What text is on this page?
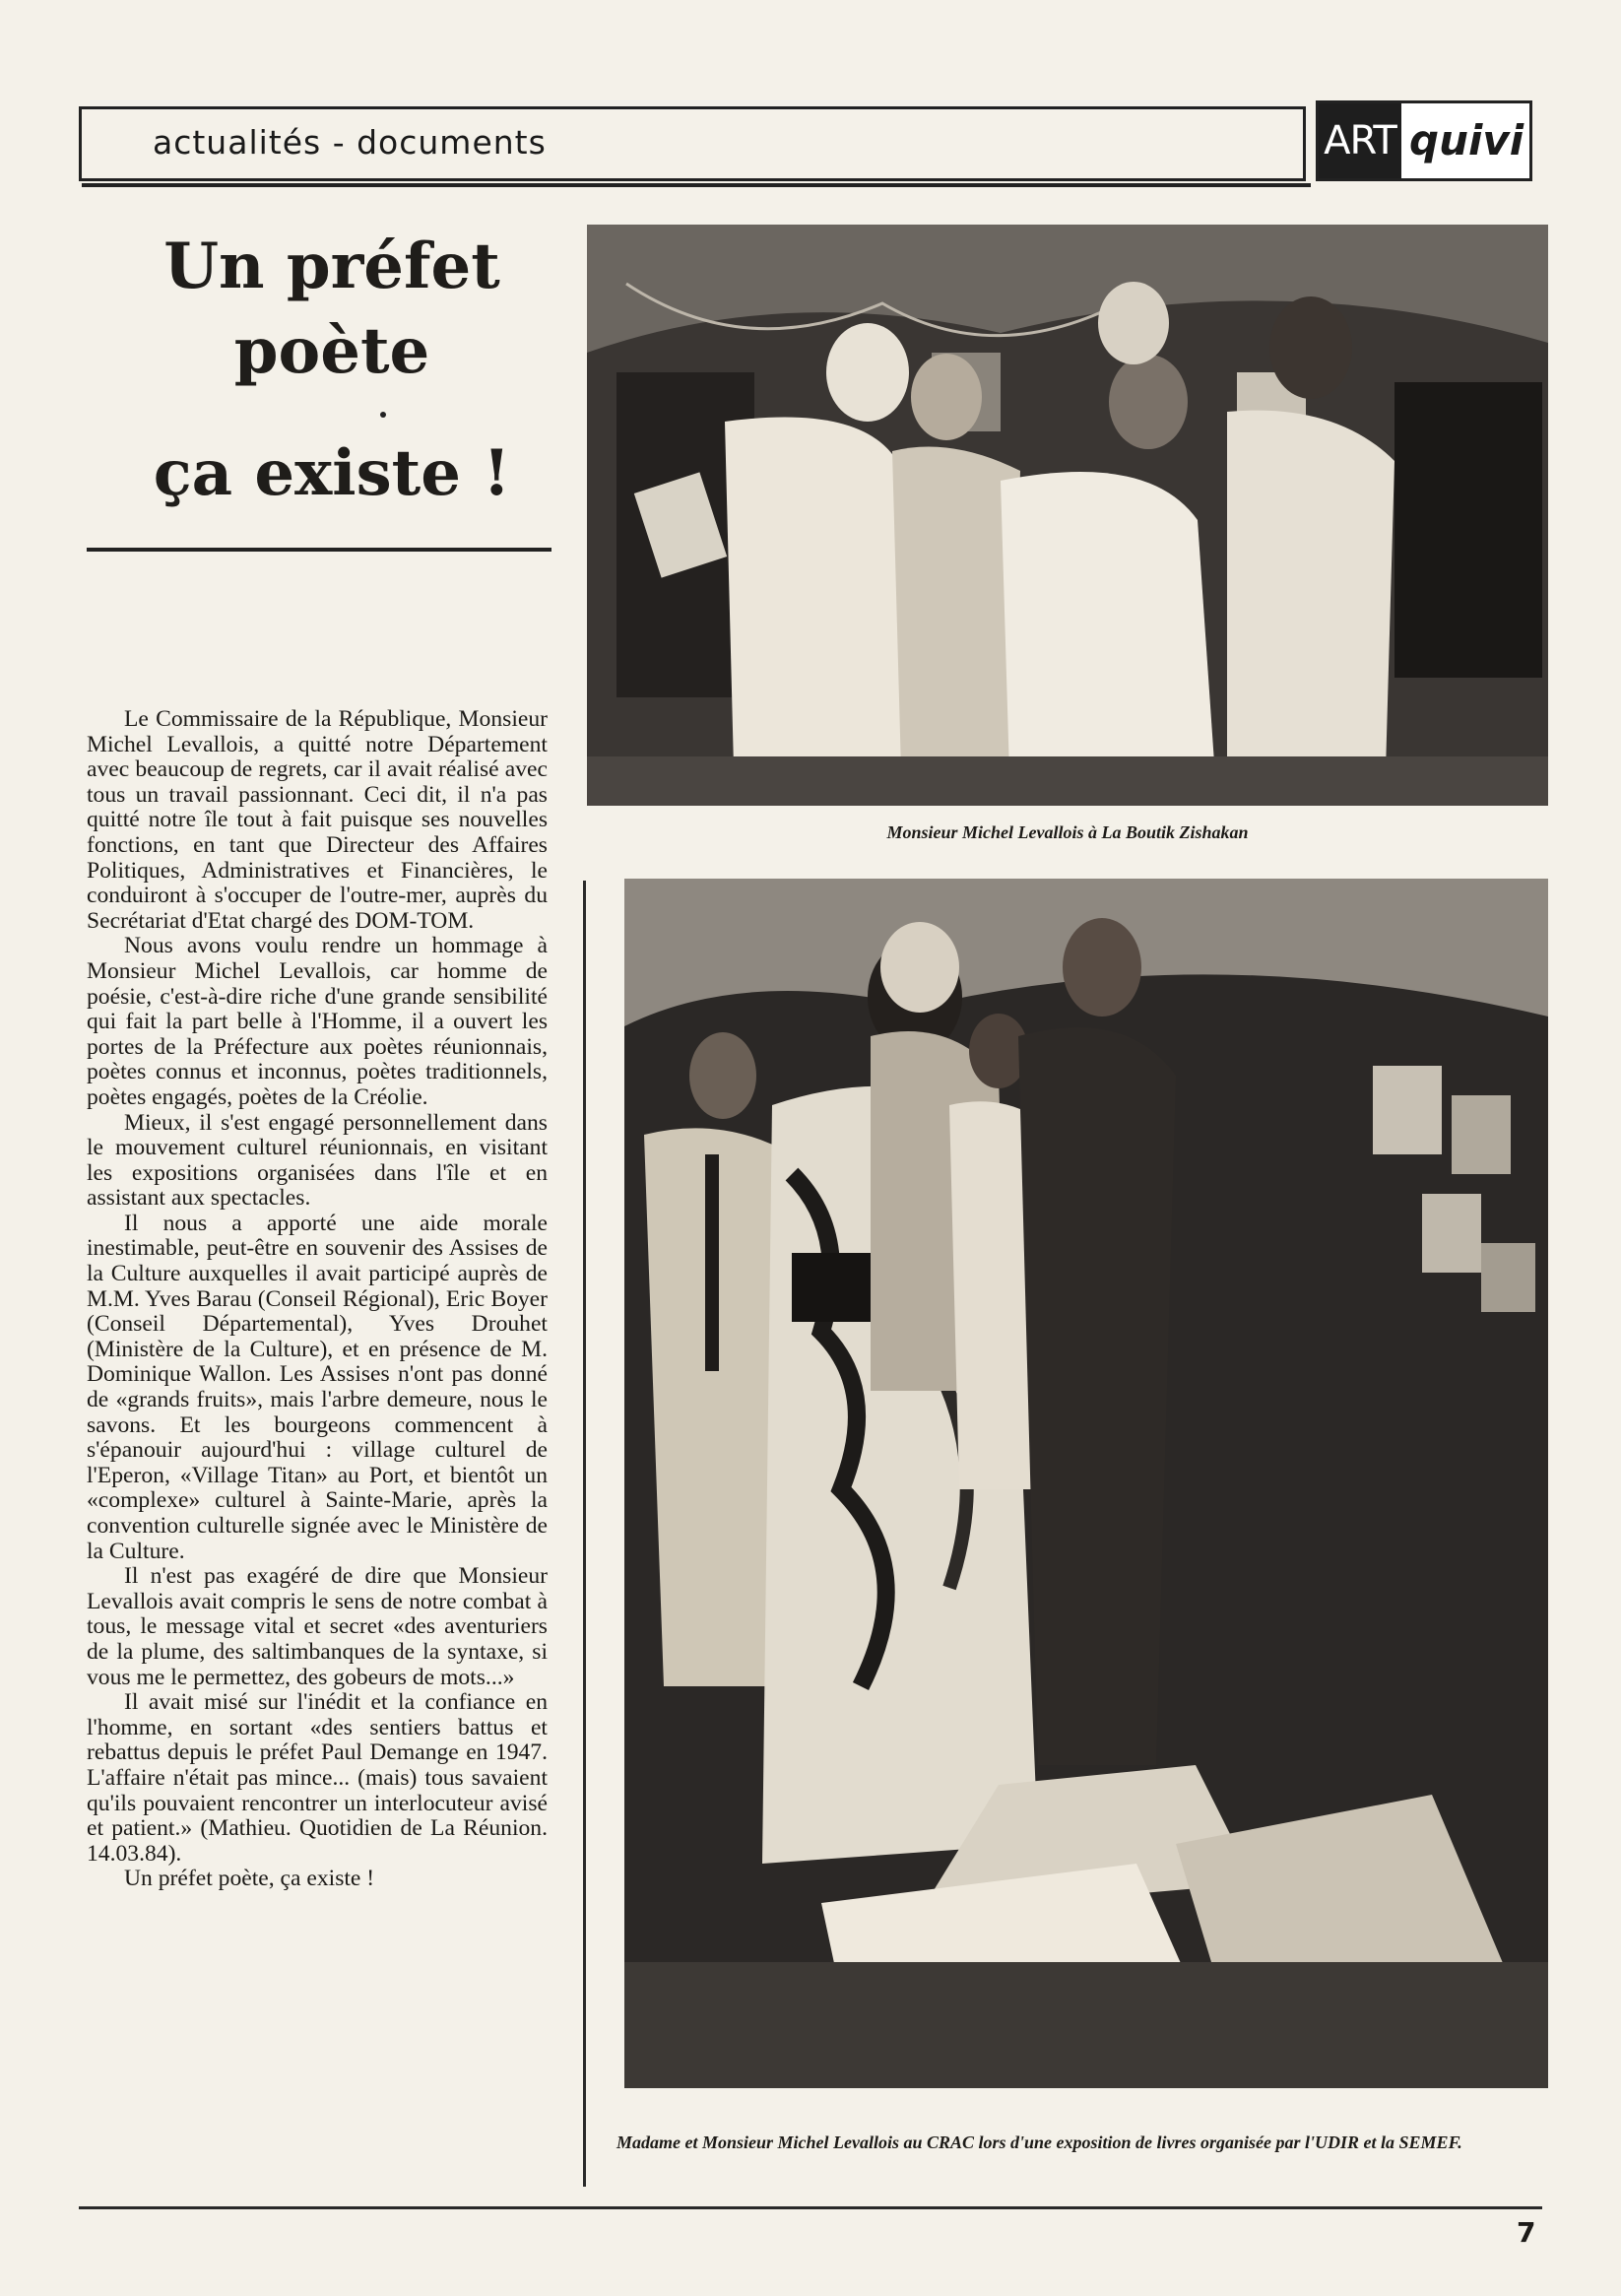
actualités - documents	ART quivi
Un préfet
poète
ça existe !

Le Commissaire de la République, Monsieur Michel Levallois, a quitté notre Département avec beaucoup de regrets, car il avait réalisé avec tous un travail passionnant. Ceci dit, il n'a pas quitté notre île tout à fait puisque ses nouvelles fonctions, en tant que Directeur des Affaires Politiques, Administratives et Financières, le conduiront à s'occuper de l'outre-mer, auprès du Secrétariat d'Etat chargé des DOM-TOM.

Nous avons voulu rendre un hommage à Monsieur Michel Levallois, car homme de poésie, c'est-à-dire riche d'une grande sensibilité qui fait la part belle à l'Homme, il a ouvert les portes de la Préfecture aux poètes réunionnais, poètes connus et inconnus, poètes traditionnels, poètes engagés, poètes de la Créolie.

Mieux, il s'est engagé personnellement dans le mouvement culturel réunionnais, en visitant les expositions organisées dans l'île et en assistant aux spectacles.

Il nous a apporté une aide morale inestimable, peut-être en souvenir des Assises de la Culture auxquelles il avait participé auprès de M.M. Yves Barau (Conseil Régional), Eric Boyer (Conseil Départemental), Yves Drouhet (Ministère de la Culture), et en présence de M. Dominique Wallon. Les Assises n'ont pas donné de «grands fruits», mais l'arbre demeure, nous le savons. Et les bourgeons commencent à s'épanouir aujourd'hui : village culturel de l'Eperon, «Village Titan» au Port, et bientôt un «complexe» culturel à Sainte-Marie, après la convention culturelle signée avec le Ministère de la Culture.

Il n'est pas exagéré de dire que Monsieur Levallois avait compris le sens de notre combat à tous, le message vital et secret «des aventuriers de la plume, des saltimbanques de la syntaxe, si vous me le permettez, des gobeurs de mots...»

Il avait misé sur l'inédit et la confiance en l'homme, en sortant «des sentiers battus et rebattus depuis le préfet Paul Demange en 1947. L'affaire n'était pas mince... (mais) tous savaient qu'ils pouvaient rencontrer un interlocuteur avisé et patient.» (Mathieu. Quotidien de La Réunion. 14.03.84).

Un préfet poète, ça existe !

Monsieur Michel Levallois à La Boutik Zishakan
Madame et Monsieur Michel Levallois au CRAC lors d'une exposition de livres organisée par l'UDIR et la SEMEF.
7
